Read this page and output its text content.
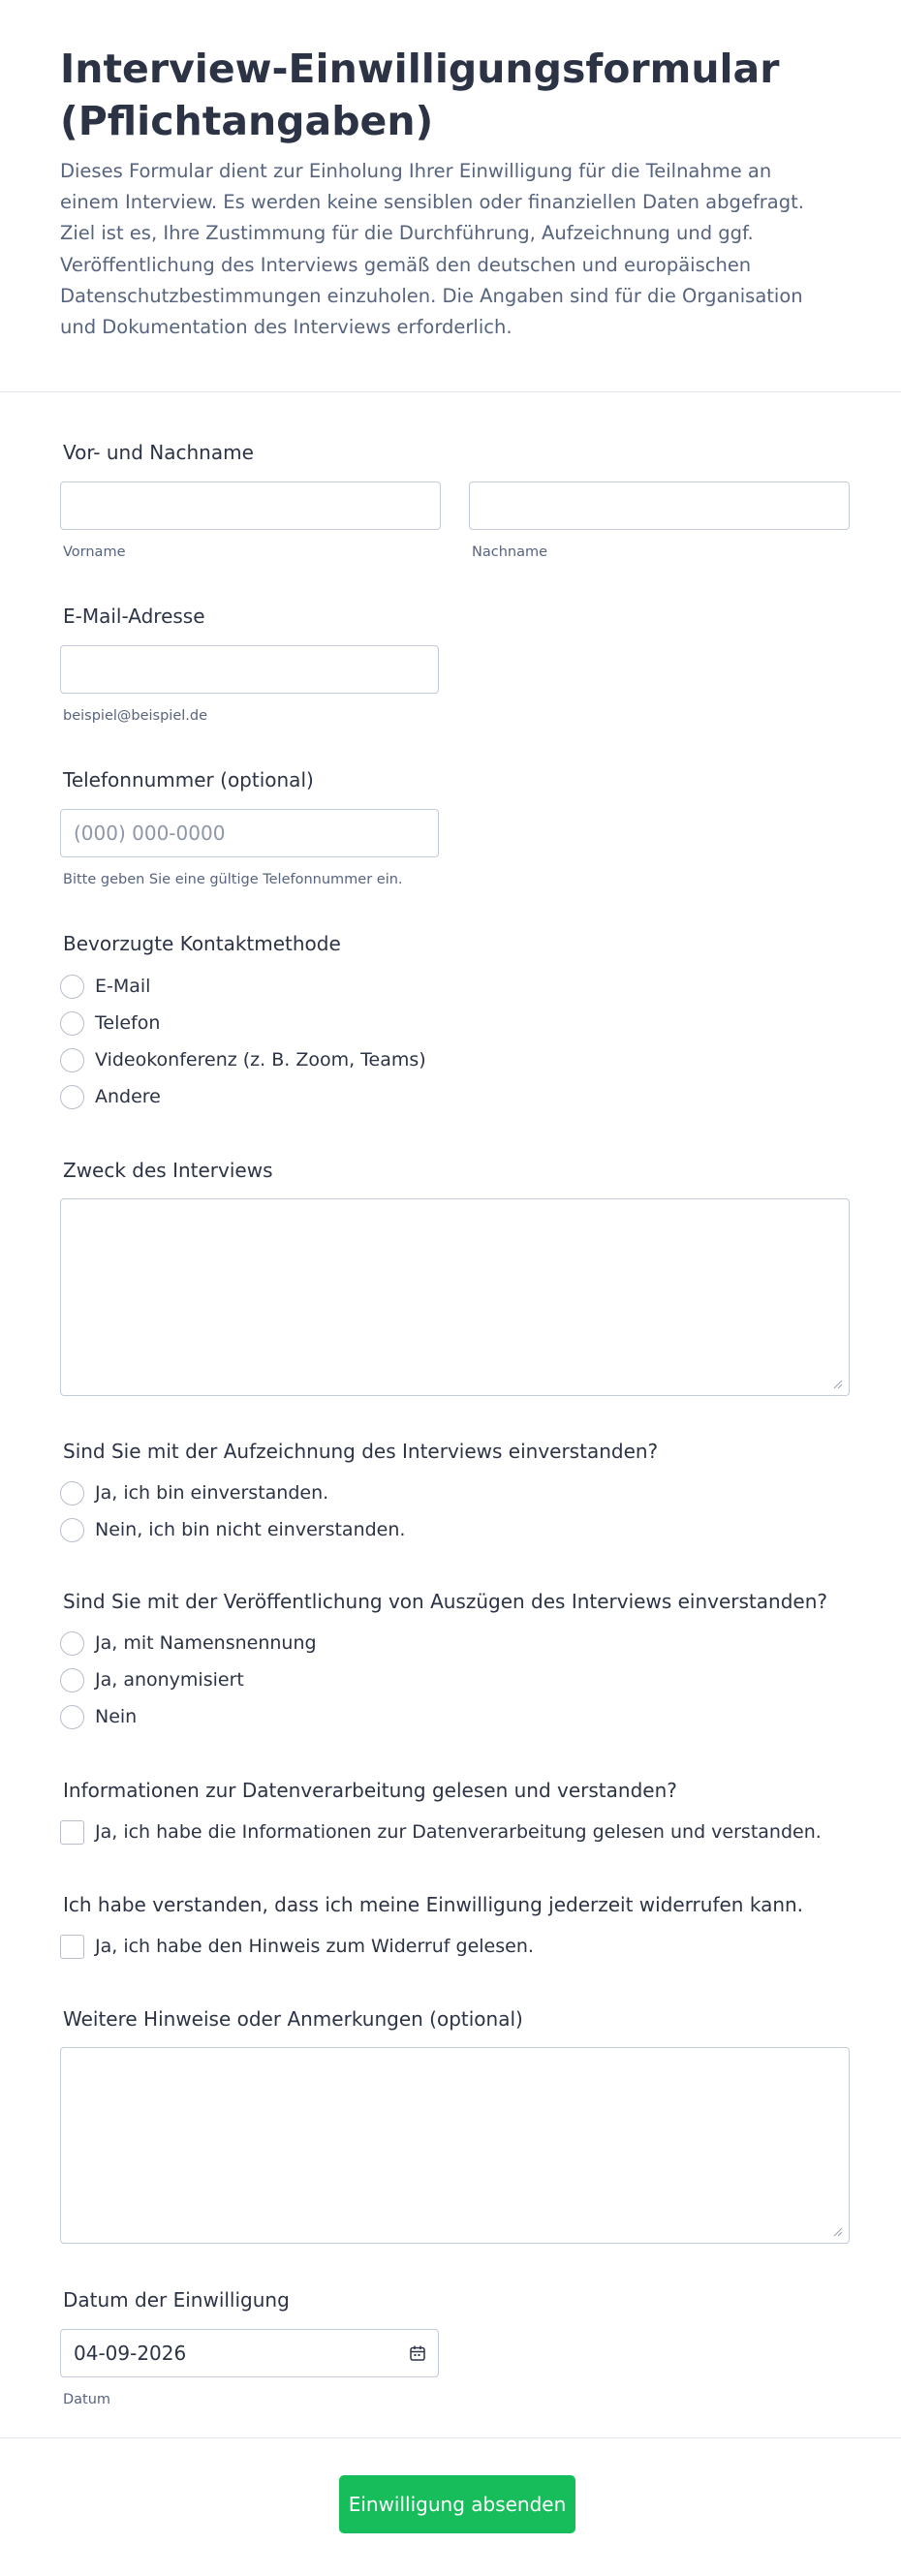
Interview-Einwilligungsformular (Pflichtangaben)

Dieses Formular dient zur Einholung Ihrer Einwilligung für die Teilnahme an einem Interview. Es werden keine sensiblen oder finanziellen Daten abgefragt. Ziel ist es, Ihre Zustimmung für die Durchführung, Aufzeichnung und ggf. Veröffentlichung des Interviews gemäß den deutschen und europäischen Datenschutzbestimmungen einzuholen. Die Angaben sind für die Organisation und Dokumentation des Interviews erforderlich.

Vor- und Nachname
Vorname	Nachname
E-Mail-Adresse
beispiel@beispiel.de
Telefonnummer (optional)
(000) 000-0000
Bitte geben Sie eine gültige Telefonnummer ein.
Bevorzugte Kontaktmethode
E-Mail
Telefon
Videokonferenz (z. B. Zoom, Teams)
Andere
Zweck des Interviews
Sind Sie mit der Aufzeichnung des Interviews einverstanden?
Ja, ich bin einverstanden.
Nein, ich bin nicht einverstanden.
Sind Sie mit der Veröffentlichung von Auszügen des Interviews einverstanden?
Ja, mit Namensnennung
Ja, anonymisiert
Nein
Informationen zur Datenverarbeitung gelesen und verstanden?
Ja, ich habe die Informationen zur Datenverarbeitung gelesen und verstanden.
Ich habe verstanden, dass ich meine Einwilligung jederzeit widerrufen kann.
Ja, ich habe den Hinweis zum Widerruf gelesen.
Weitere Hinweise oder Anmerkungen (optional)
Datum der Einwilligung
04-09-2026
Datum
Einwilligung absenden
